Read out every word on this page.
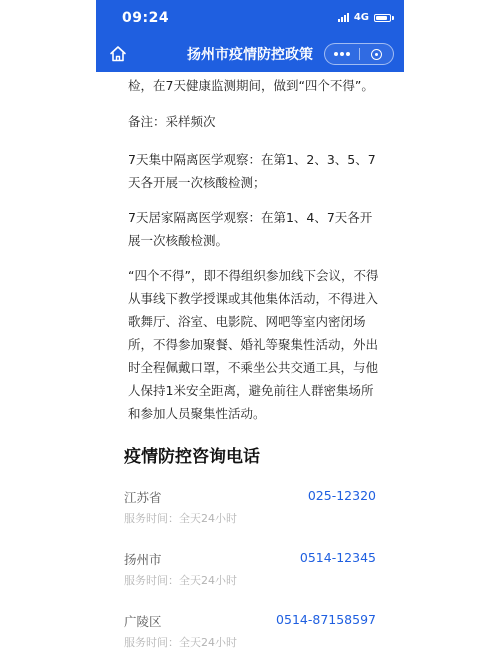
09:24	4G
扬州市疫情防控政策

检，在7天健康监测期间，做到“四个不得”。

备注：采样频次

7天集中隔离医学观察：在第1、2、3、5、7天各开展一次核酸检测；

7天居家隔离医学观察：在第1、4、7天各开展一次核酸检测。

“四个不得”，即不得组织参加线下会议，不得从事线下教学授课或其他集体活动，不得进入歌舞厅、浴室、电影院、网吧等室内密闭场所，不得参加聚餐、婚礼等聚集性活动，外出时全程佩戴口罩，不乘坐公共交通工具，与他人保持1米安全距离，避免前往人群密集场所和参加人员聚集性活动。

疫情防控咨询电话
江苏省	025-12320
服务时间：全天24小时
扬州市	0514-12345
服务时间：全天24小时
广陵区	0514-87158597
服务时间：全天24小时
